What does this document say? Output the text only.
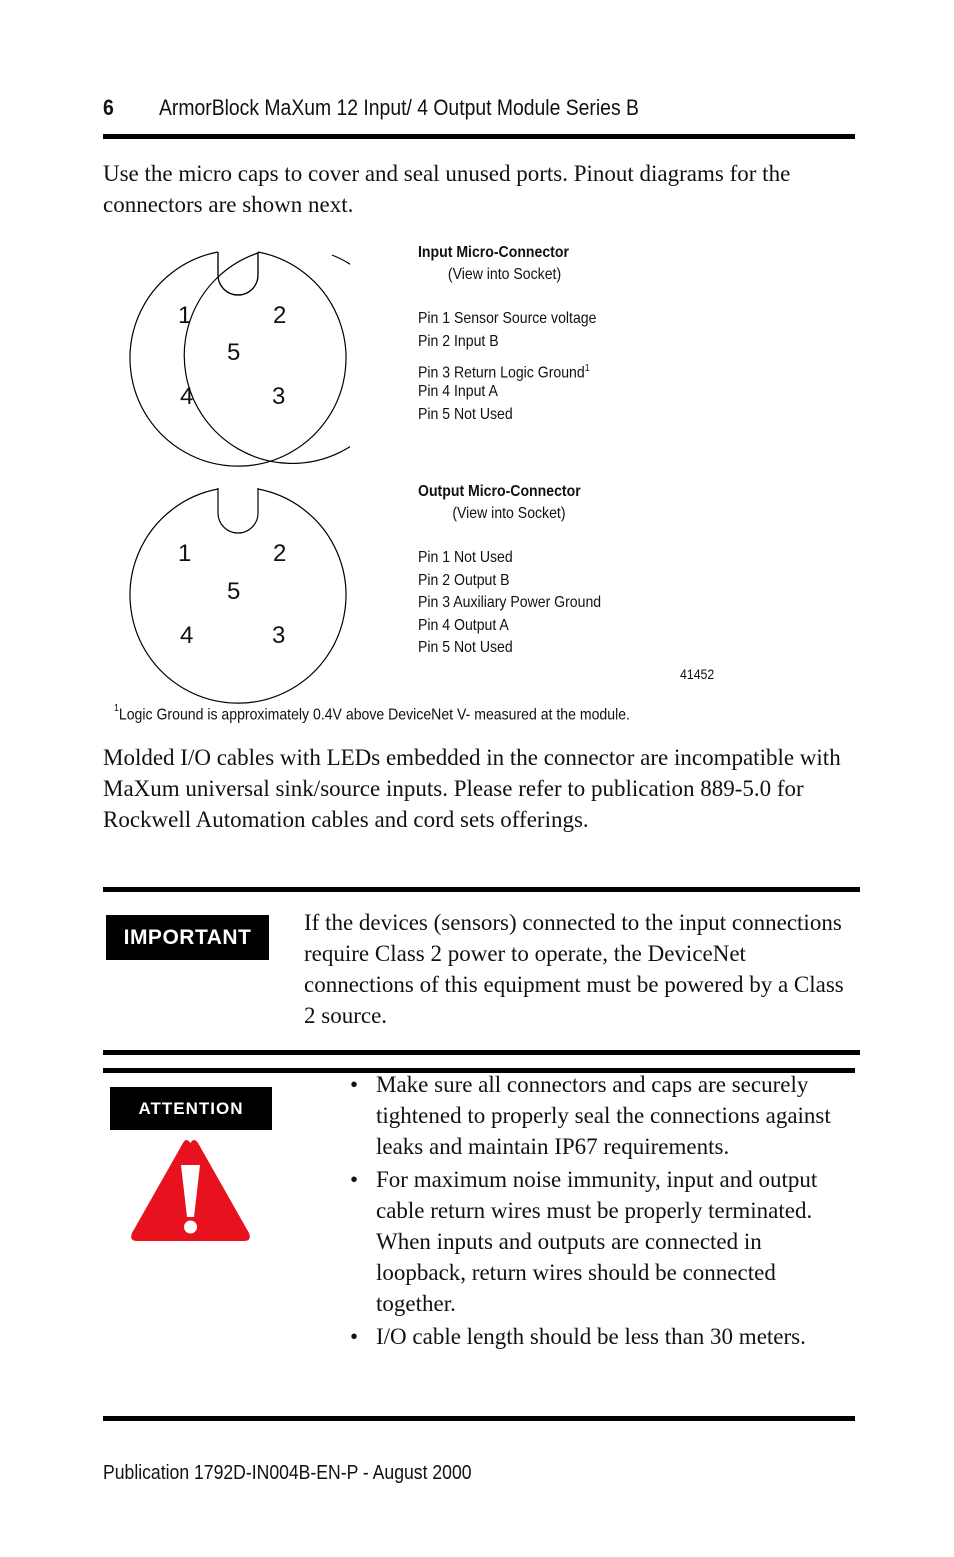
6 ArmorBlock MaXum 12 Input/ 4 Output Module Series B
Use the micro caps to cover and seal unused ports. Pinout diagrams for the connectors are shown next.
1	2
5
4	3
1	2
5
4	3
Input Micro-Connector
(View into Socket)
Pin 1 Sensor Source voltage
Pin 2 Input B
Pin 3 Return Logic Ground$^1$
Pin 4 Input A
Pin 5 Not Used
Output Micro-Connector
(View into Socket)
Pin 1 Not Used
Pin 2 Output B
Pin 3 Auxiliary Power Ground
Pin 4 Output A
Pin 5 Not Used
41452
$^1$Logic Ground is approximately 0.4V above DeviceNet V- measured at the module.
Molded I/O cables with LEDs embedded in the connector are incompatible with MaXum universal sink/source inputs. Please refer to publication 889-5.0 for Rockwell Automation cables and cord sets offerings.
IMPORTANT
If the devices (sensors) connected to the input connections require Class 2 power to operate, the DeviceNet connections of this equipment must be powered by a Class 2 source.
ATTENTION
• Make sure all connectors and caps are securely tightened to properly seal the connections against leaks and maintain IP67 requirements.
• For maximum noise immunity, input and output cable return wires must be properly terminated. When inputs and outputs are connected in loopback, return wires should be connected together.
• I/O cable length should be less than 30 meters.
Publication 1792D-IN004B-EN-P - August 2000
